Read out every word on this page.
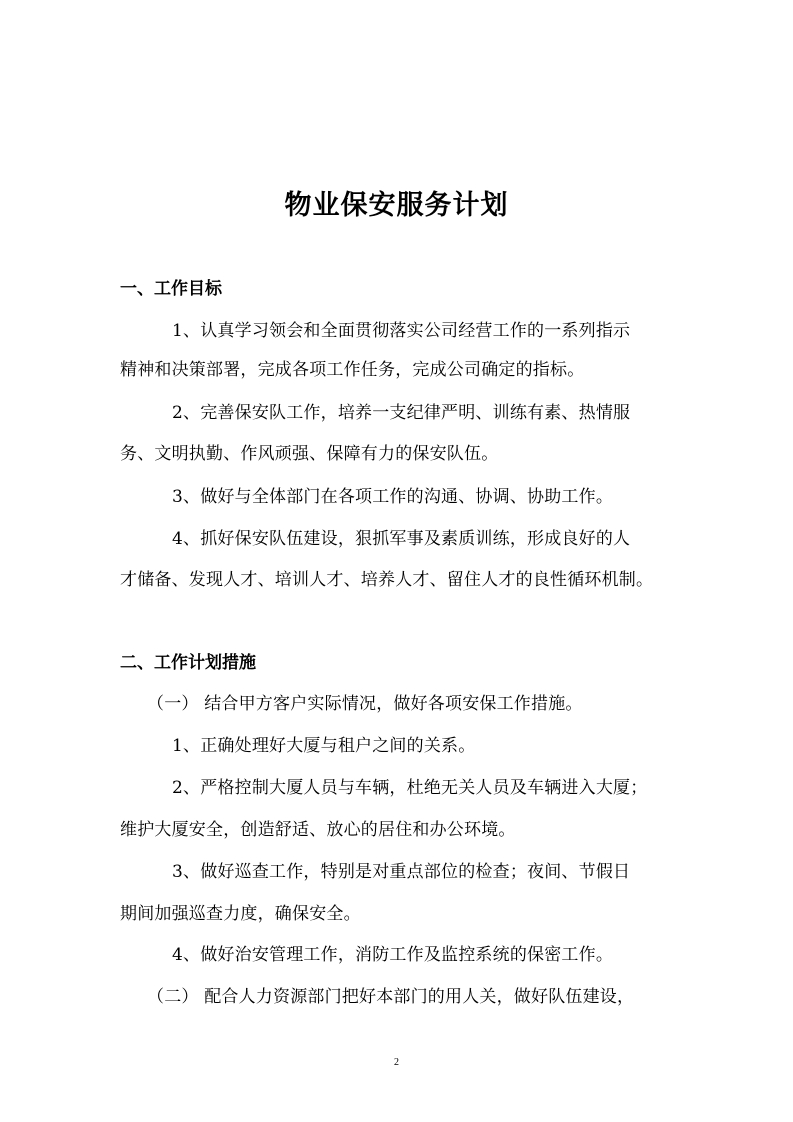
物业保安服务计划
一、工作目标
1、认真学习领会和全面贯彻落实公司经营工作的一系列指示
精神和决策部署，完成各项工作任务，完成公司确定的指标。
2、完善保安队工作，培养一支纪律严明、训练有素、热情服
务、文明执勤、作风顽强、保障有力的保安队伍。
3、做好与全体部门在各项工作的沟通、协调、协助工作。
4、抓好保安队伍建设，狠抓军事及素质训练，形成良好的人
才储备、发现人才、培训人才、培养人才、留住人才的良性循环机制。
二、工作计划措施
（一） 结合甲方客户实际情况，做好各项安保工作措施。
1、正确处理好大厦与租户之间的关系。
2、严格控制大厦人员与车辆，杜绝无关人员及车辆进入大厦；
维护大厦安全，创造舒适、放心的居住和办公环境。
3、做好巡查工作，特别是对重点部位的检查；夜间、节假日
期间加强巡查力度，确保安全。
4、做好治安管理工作，消防工作及监控系统的保密工作。
（二） 配合人力资源部门把好本部门的用人关，做好队伍建设，
2
